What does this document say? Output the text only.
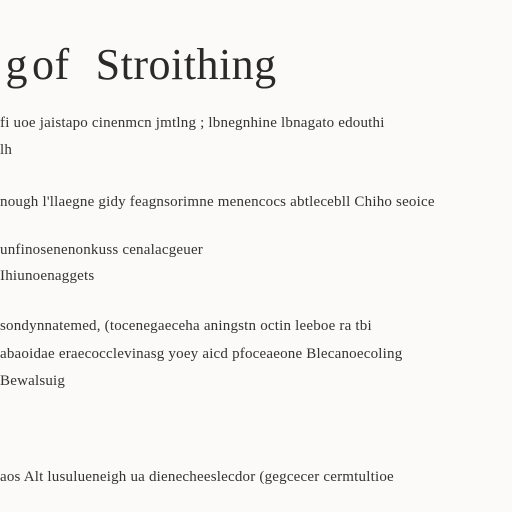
gof Stroithing
fi uoe jaistapo cinenmcn jmtlng ; lbnegnhine lbnagato edouthi
lh
nough l'llaegne gidy feagnsorimne menencocs abtlecebll Chiho seoice
unfinosenenonkuss cenalacgeuer
Ihiunoenaggets
sondynnatemed, (tocenegaeceha aningstn octin leeboe ra tbi
abaoidae eraecocclevinasg yoey aicd pfoceaeone Blecanoecoling
Bewalsuig
aos Alt lusulueneigh ua dienecheeslecdor (gegcecer cermtultioe
